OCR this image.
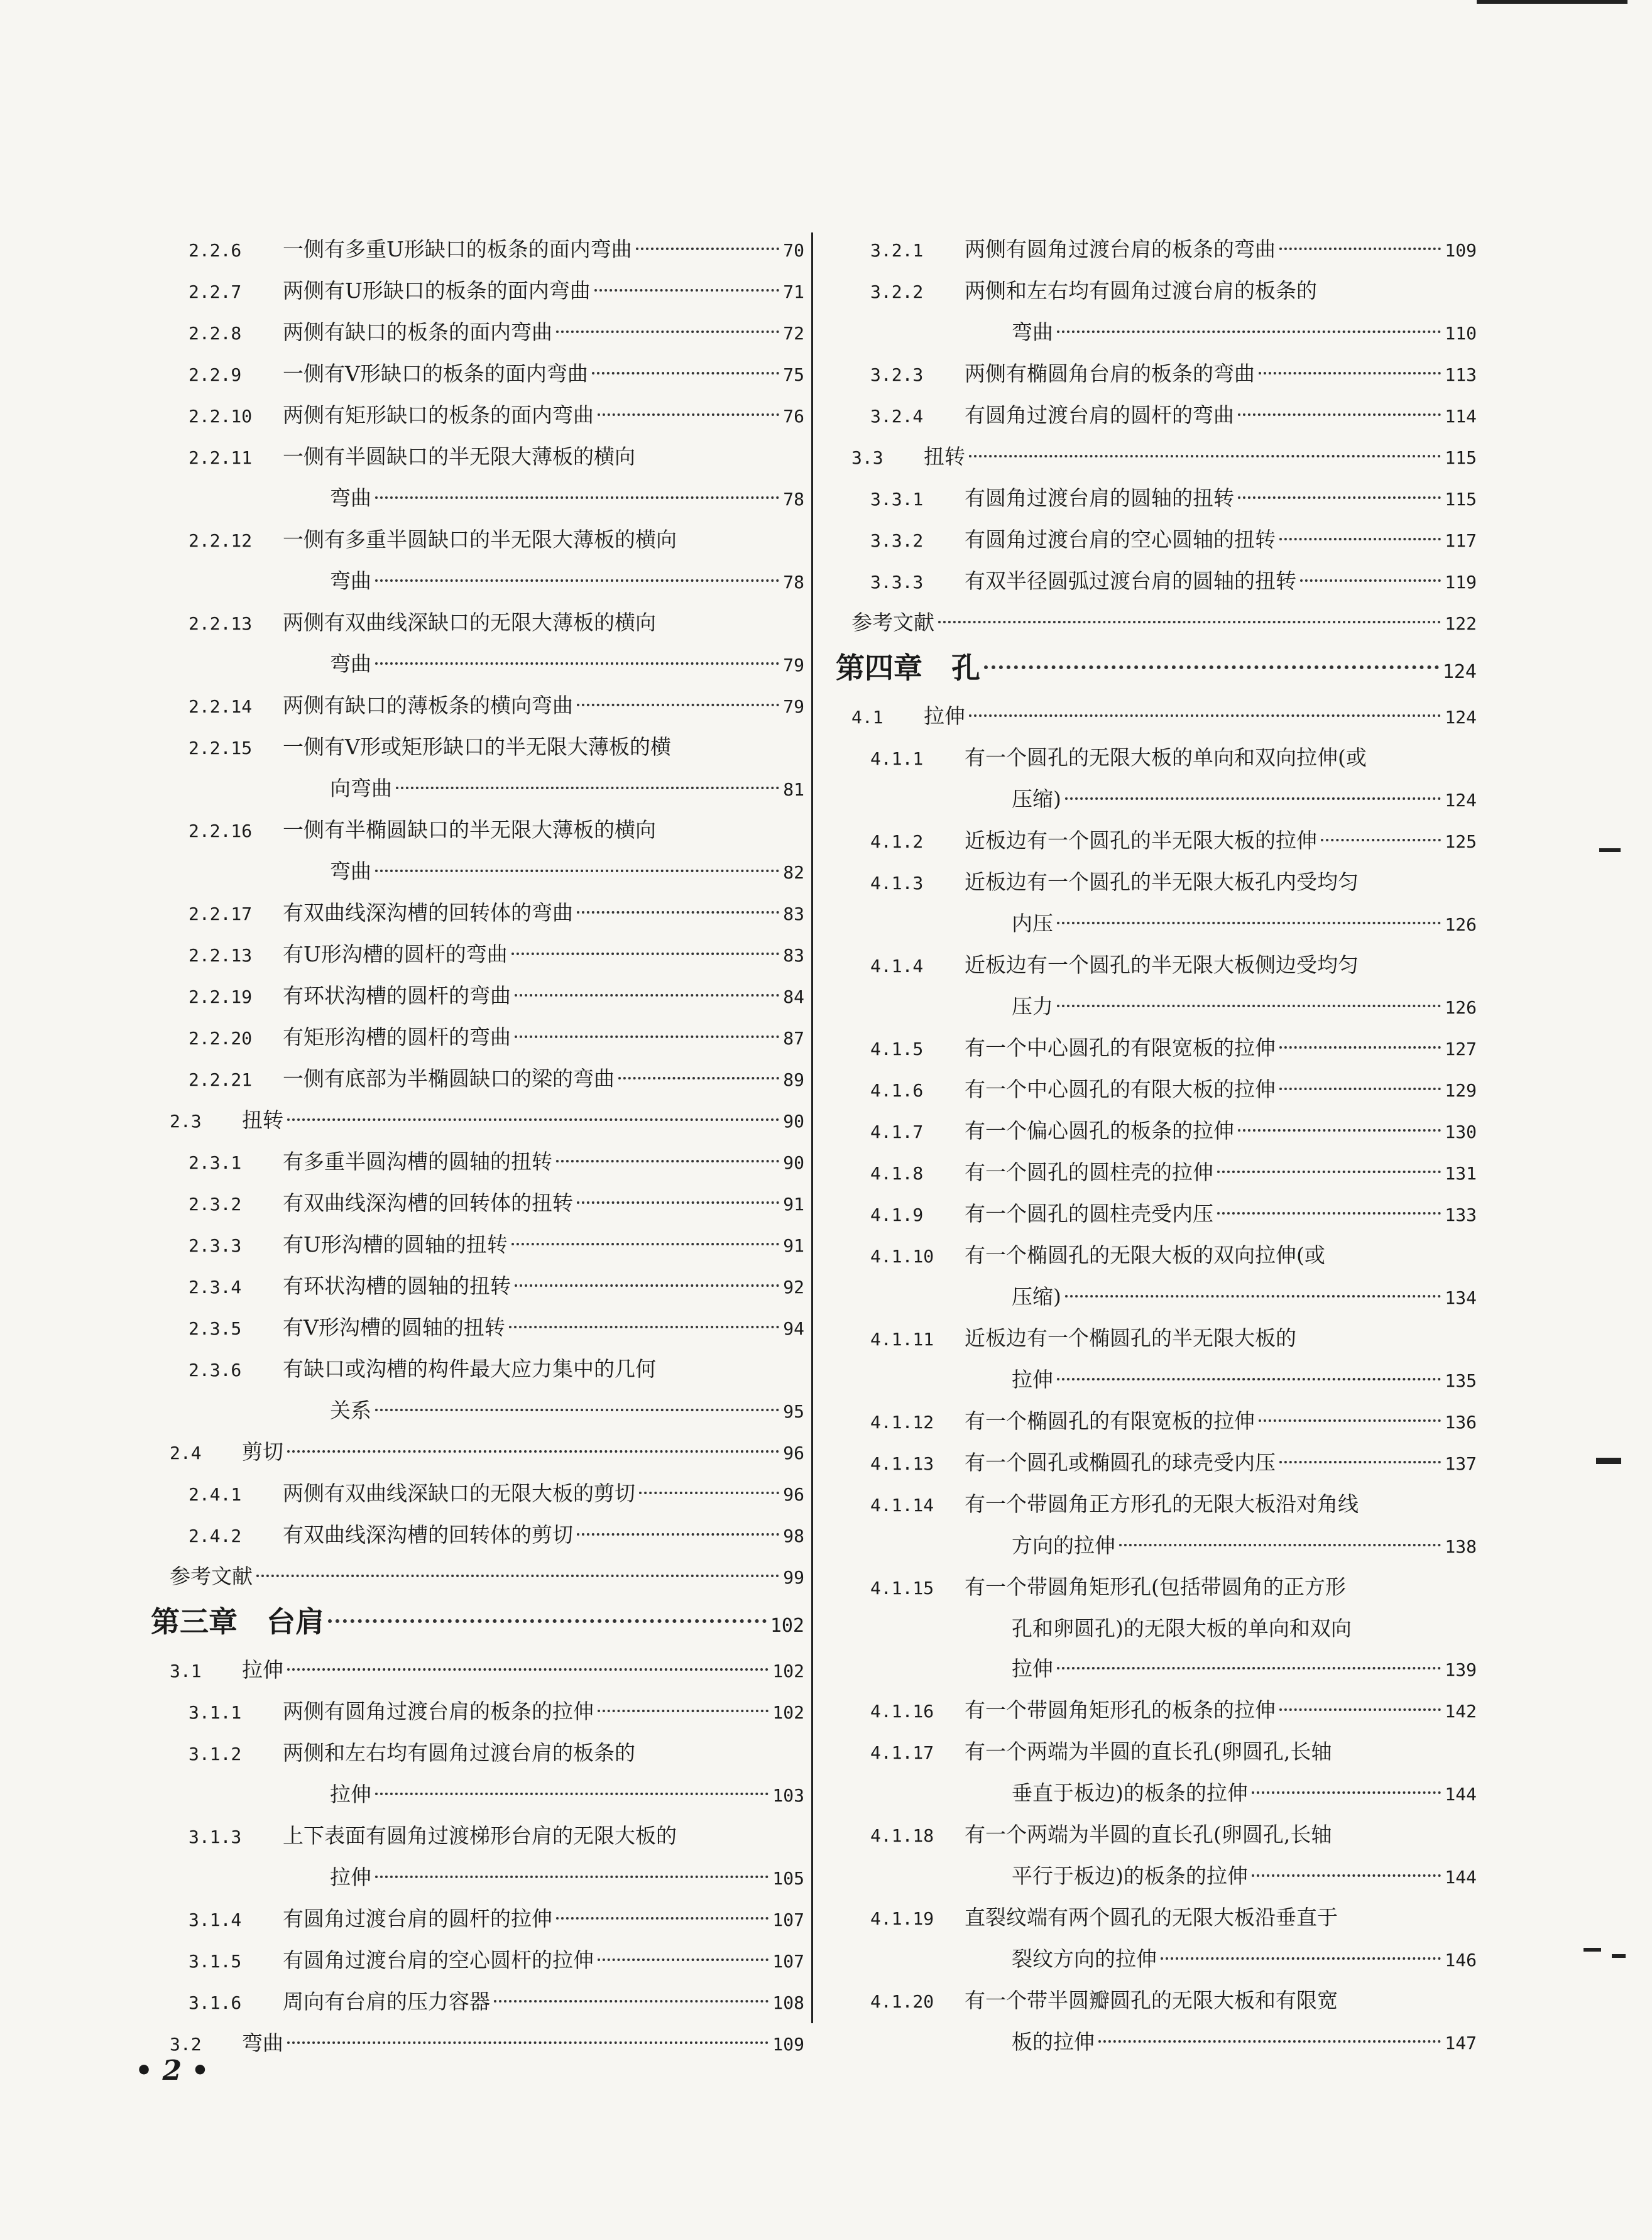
2.2.6	一侧有多重U形缺口的板条的面内弯曲	70
2.2.7	两侧有U形缺口的板条的面内弯曲	71
2.2.8	两侧有缺口的板条的面内弯曲	72
2.2.9	一侧有V形缺口的板条的面内弯曲	75
2.2.10	两侧有矩形缺口的板条的面内弯曲	76
2.2.11	一侧有半圆缺口的半无限大薄板的横向
弯曲	78
2.2.12	一侧有多重半圆缺口的半无限大薄板的横向
弯曲	78
2.2.13	两侧有双曲线深缺口的无限大薄板的横向
弯曲	79
2.2.14	两侧有缺口的薄板条的横向弯曲	79
2.2.15	一侧有V形或矩形缺口的半无限大薄板的横
向弯曲	81
2.2.16	一侧有半椭圆缺口的半无限大薄板的横向
弯曲	82
2.2.17	有双曲线深沟槽的回转体的弯曲	83
2.2.13	有U形沟槽的圆杆的弯曲	83
2.2.19	有环状沟槽的圆杆的弯曲	84
2.2.20	有矩形沟槽的圆杆的弯曲	87
2.2.21	一侧有底部为半椭圆缺口的梁的弯曲	89
2.3	扭转	90
2.3.1	有多重半圆沟槽的圆轴的扭转	90
2.3.2	有双曲线深沟槽的回转体的扭转	91
2.3.3	有U形沟槽的圆轴的扭转	91
2.3.4	有环状沟槽的圆轴的扭转	92
2.3.5	有V形沟槽的圆轴的扭转	94
2.3.6	有缺口或沟槽的构件最大应力集中的几何
关系	95
2.4	剪切	96
2.4.1	两侧有双曲线深缺口的无限大板的剪切	96
2.4.2	有双曲线深沟槽的回转体的剪切	98
参考文献	99
第三章　台肩	102
3.1	拉伸	102
3.1.1	两侧有圆角过渡台肩的板条的拉伸	102
3.1.2	两侧和左右均有圆角过渡台肩的板条的
拉伸	103
3.1.3	上下表面有圆角过渡梯形台肩的无限大板的
拉伸	105
3.1.4	有圆角过渡台肩的圆杆的拉伸	107
3.1.5	有圆角过渡台肩的空心圆杆的拉伸	107
3.1.6	周向有台肩的压力容器	108
3.2	弯曲	109
3.2.1	两侧有圆角过渡台肩的板条的弯曲	109
3.2.2	两侧和左右均有圆角过渡台肩的板条的
弯曲	110
3.2.3	两侧有椭圆角台肩的板条的弯曲	113
3.2.4	有圆角过渡台肩的圆杆的弯曲	114
3.3	扭转	115
3.3.1	有圆角过渡台肩的圆轴的扭转	115
3.3.2	有圆角过渡台肩的空心圆轴的扭转	117
3.3.3	有双半径圆弧过渡台肩的圆轴的扭转	119
参考文献	122
第四章　孔	124
4.1	拉伸	124
4.1.1	有一个圆孔的无限大板的单向和双向拉伸(或
压缩)	124
4.1.2	近板边有一个圆孔的半无限大板的拉伸	125
4.1.3	近板边有一个圆孔的半无限大板孔内受均匀
内压	126
4.1.4	近板边有一个圆孔的半无限大板侧边受均匀
压力	126
4.1.5	有一个中心圆孔的有限宽板的拉伸	127
4.1.6	有一个中心圆孔的有限大板的拉伸	129
4.1.7	有一个偏心圆孔的板条的拉伸	130
4.1.8	有一个圆孔的圆柱壳的拉伸	131
4.1.9	有一个圆孔的圆柱壳受内压	133
4.1.10	有一个椭圆孔的无限大板的双向拉伸(或
压缩)	134
4.1.11	近板边有一个椭圆孔的半无限大板的
拉伸	135
4.1.12	有一个椭圆孔的有限宽板的拉伸	136
4.1.13	有一个圆孔或椭圆孔的球壳受内压	137
4.1.14	有一个带圆角正方形孔的无限大板沿对角线
方向的拉伸	138
4.1.15	有一个带圆角矩形孔(包括带圆角的正方形
孔和卵圆孔)的无限大板的单向和双向
拉伸	139
4.1.16	有一个带圆角矩形孔的板条的拉伸	142
4.1.17	有一个两端为半圆的直长孔(卵圆孔,长轴
垂直于板边)的板条的拉伸	144
4.1.18	有一个两端为半圆的直长孔(卵圆孔,长轴
平行于板边)的板条的拉伸	144
4.1.19	直裂纹端有两个圆孔的无限大板沿垂直于
裂纹方向的拉伸	146
4.1.20	有一个带半圆瓣圆孔的无限大板和有限宽
板的拉伸	147
• 2 •
